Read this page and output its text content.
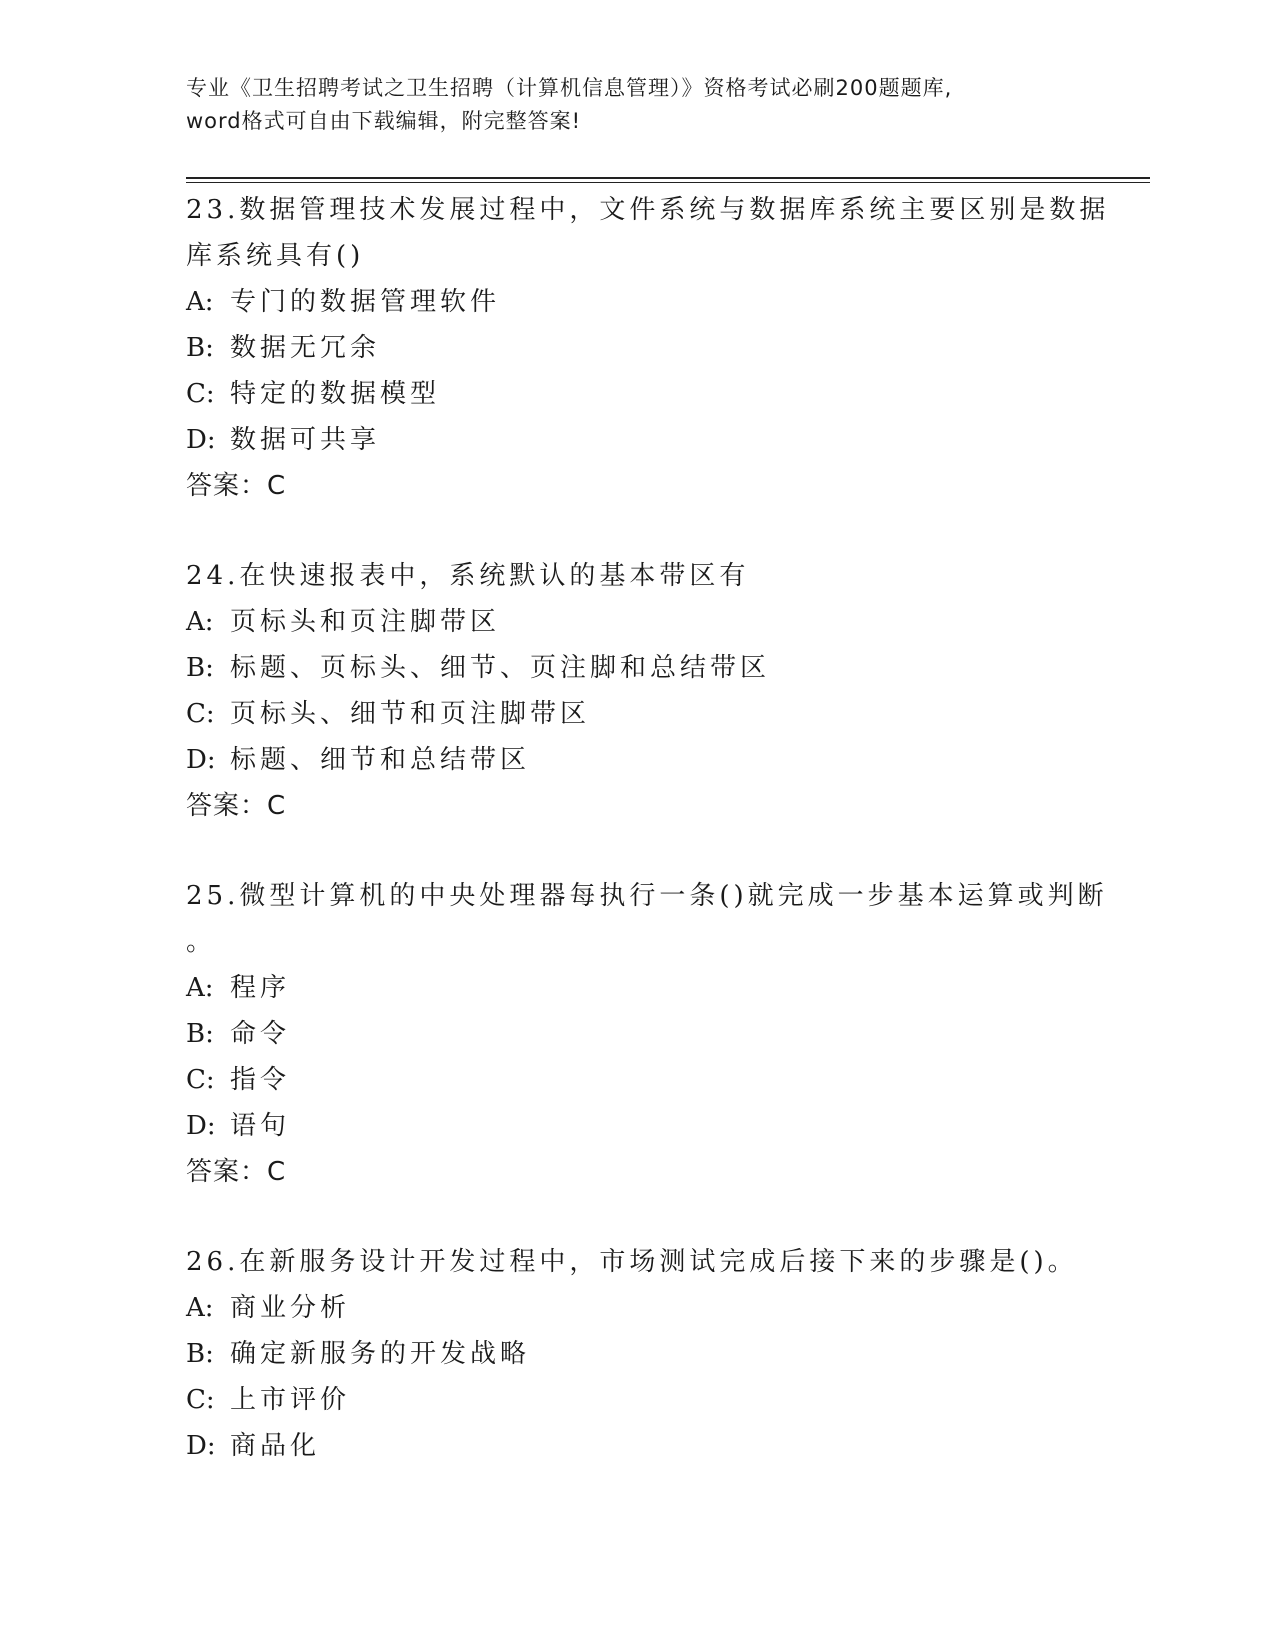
专业《卫生招聘考试之卫生招聘（计算机信息管理）》资格考试必刷200题题库,
word格式可自由下载编辑，附完整答案!
23.数据管理技术发展过程中，文件系统与数据库系统主要区别是数据
库系统具有()
A: 专门的数据管理软件
B: 数据无冗余
C: 特定的数据模型
D: 数据可共享
答案：C
24.在快速报表中，系统默认的基本带区有
A: 页标头和页注脚带区
B: 标题、页标头、细节、页注脚和总结带区
C: 页标头、细节和页注脚带区
D: 标题、细节和总结带区
答案：C
25.微型计算机的中央处理器每执行一条()就完成一步基本运算或判断
。
A: 程序
B: 命令
C: 指令
D: 语句
答案：C
26.在新服务设计开发过程中，市场测试完成后接下来的步骤是()。
A: 商业分析
B: 确定新服务的开发战略
C: 上市评价
D: 商品化
